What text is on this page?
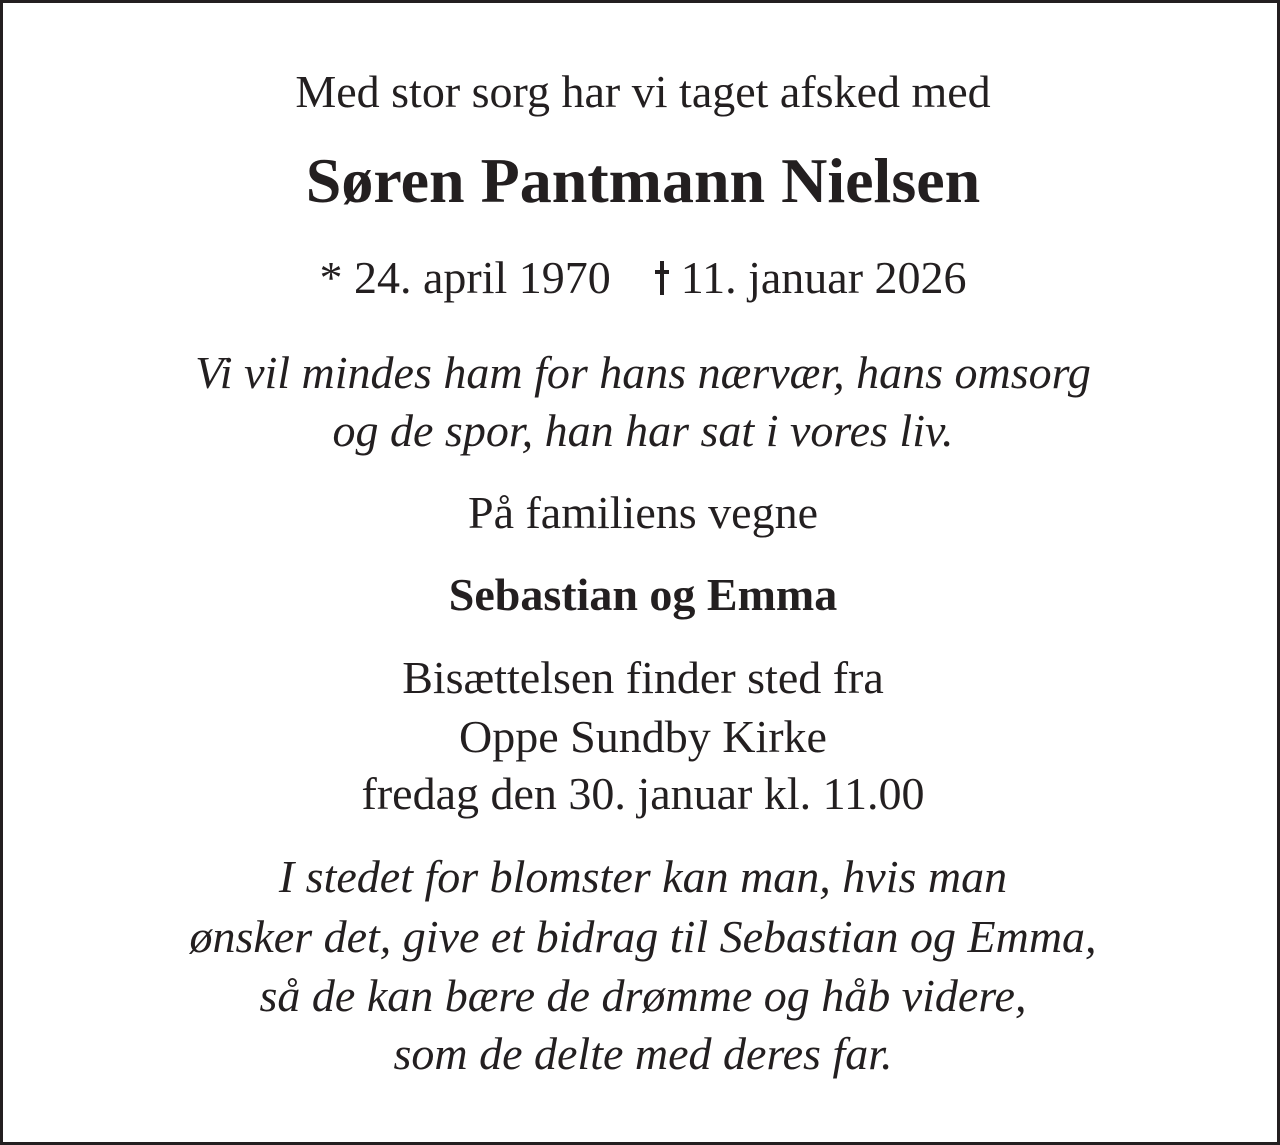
Med stor sorg har vi taget afsked med
Søren Pantmann Nielsen
* 24. april 1970 11. januar 2026
Vi vil mindes ham for hans nærvær, hans omsorg
og de spor, han har sat i vores liv.
På familiens vegne
Sebastian og Emma
Bisættelsen finder sted fra
Oppe Sundby Kirke
fredag den 30. januar kl. 11.00
I stedet for blomster kan man, hvis man
ønsker det, give et bidrag til Sebastian og Emma,
så de kan bære de drømme og håb videre,
som de delte med deres far.
